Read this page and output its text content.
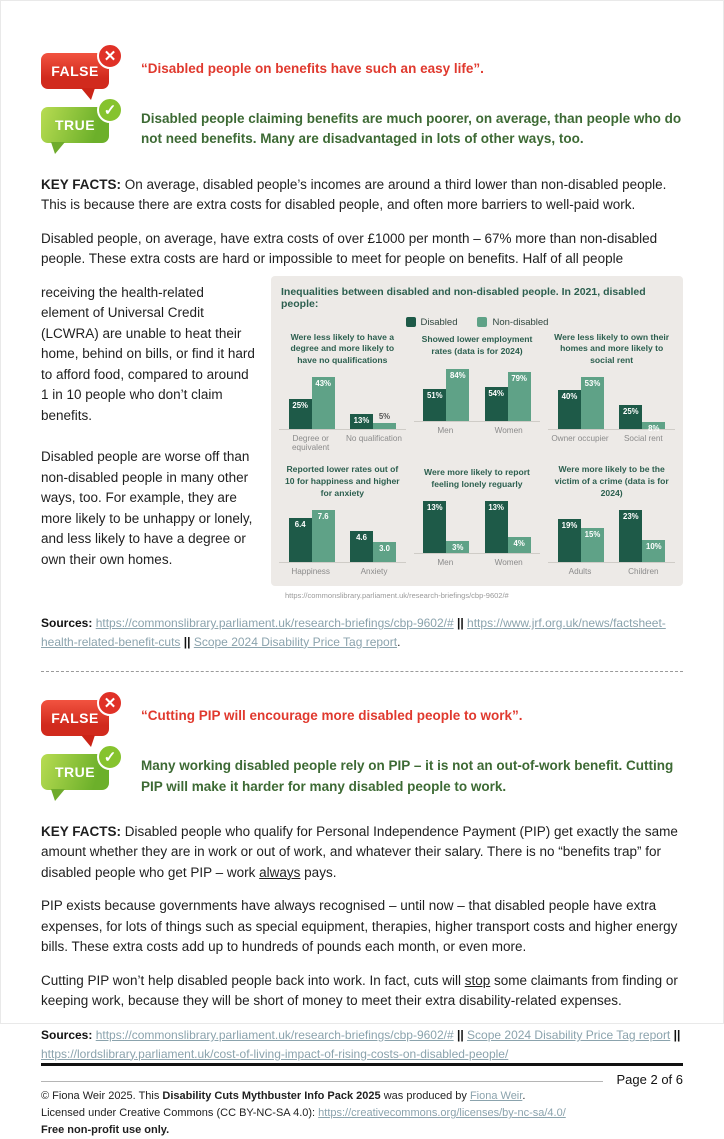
FALSE
✕
“Disabled people on benefits have such an easy life”.
TRUE
✓	Disabled people claiming benefits are much poorer, on average, than people who do not need benefits. Many are disadvantaged in lots of other ways, too.

KEY FACTS: On average, disabled people’s incomes are around a third lower than non-disabled people. This is because there are extra costs for disabled people, and often more barriers to well-paid work.

Disabled people, on average, have extra costs of over £1000 per month – 67% more than non-disabled people. These extra costs are hard or impossible to meet for people on benefits. Half of all people

receiving the health-related element of Universal Credit (LCWRA) are unable to heat their home, behind on bills, or find it hard to afford food, compared to around 1 in 10 people who don’t claim benefits.

Disabled people are worse off than non-disabled people in many other ways, too. For example, they are more likely to be unhappy or lonely, and less likely to have a degree or own their own homes.

Inequalities between disabled and non-disabled people. In 2021, disabled people:
Disabled	Non-disabled
Were less likely to have a degree and more likely to have no qualifications
25%
43%
13% 5%
Degree or equivalent
No qualification
Showed lower employment rates (data is for 2024)
51%
84%
54%
79%
Men	Women
Were less likely to own their homes and more likely to social rent
40%
53%
25%
8%
Owner occupier	Social rent
Reported lower rates out of 10 for happiness and higher for anxiety
6.4
7.6
4.6
3.0
Happiness	Anxiety
Were more likely to report feeling lonely reguarly
13%
3%
13%
4%
Men	Women
Were more likely to be the victim of a crime (data is for 2024)
19%
15%
23%
10%
Adults	Children
https://commonslibrary.parliament.uk/research-briefings/cbp-9602/#

Sources: https://commonslibrary.parliament.uk/research-briefings/cbp-9602/# || https://www.jrf.org.uk/news/factsheet-health-related-benefit-cuts || Scope 2024 Disability Price Tag report.

FALSE
✕
“Cutting PIP will encourage more disabled people to work”.
TRUE
✓	Many working disabled people rely on PIP – it is not an out-of-work benefit. Cutting PIP will make it harder for many disabled people to work.

KEY FACTS: Disabled people who qualify for Personal Independence Payment (PIP) get exactly the same amount whether they are in work or out of work, and whatever their salary. There is no “benefits trap” for disabled people who get PIP – work always pays.

PIP exists because governments have always recognised – until now – that disabled people have extra expenses, for lots of things such as special equipment, therapies, higher transport costs and higher energy bills. These extra costs add up to hundreds of pounds each month, or even more.

Cutting PIP won’t help disabled people back into work. In fact, cuts will stop some claimants from finding or keeping work, because they will be short of money to meet their extra disability-related expenses.

Sources: https://commonslibrary.parliament.uk/research-briefings/cbp-9602/# || Scope 2024 Disability Price Tag report || https://lordslibrary.parliament.uk/cost-of-living-impact-of-rising-costs-on-disabled-people/

Page 2 of 6
© Fiona Weir 2025. This Disability Cuts Mythbuster Info Pack 2025 was produced by Fiona Weir.
Licensed under Creative Commons (CC BY-NC-SA 4.0): https://creativecommons.org/licenses/by-nc-sa/4.0/
Free non-profit use only.
